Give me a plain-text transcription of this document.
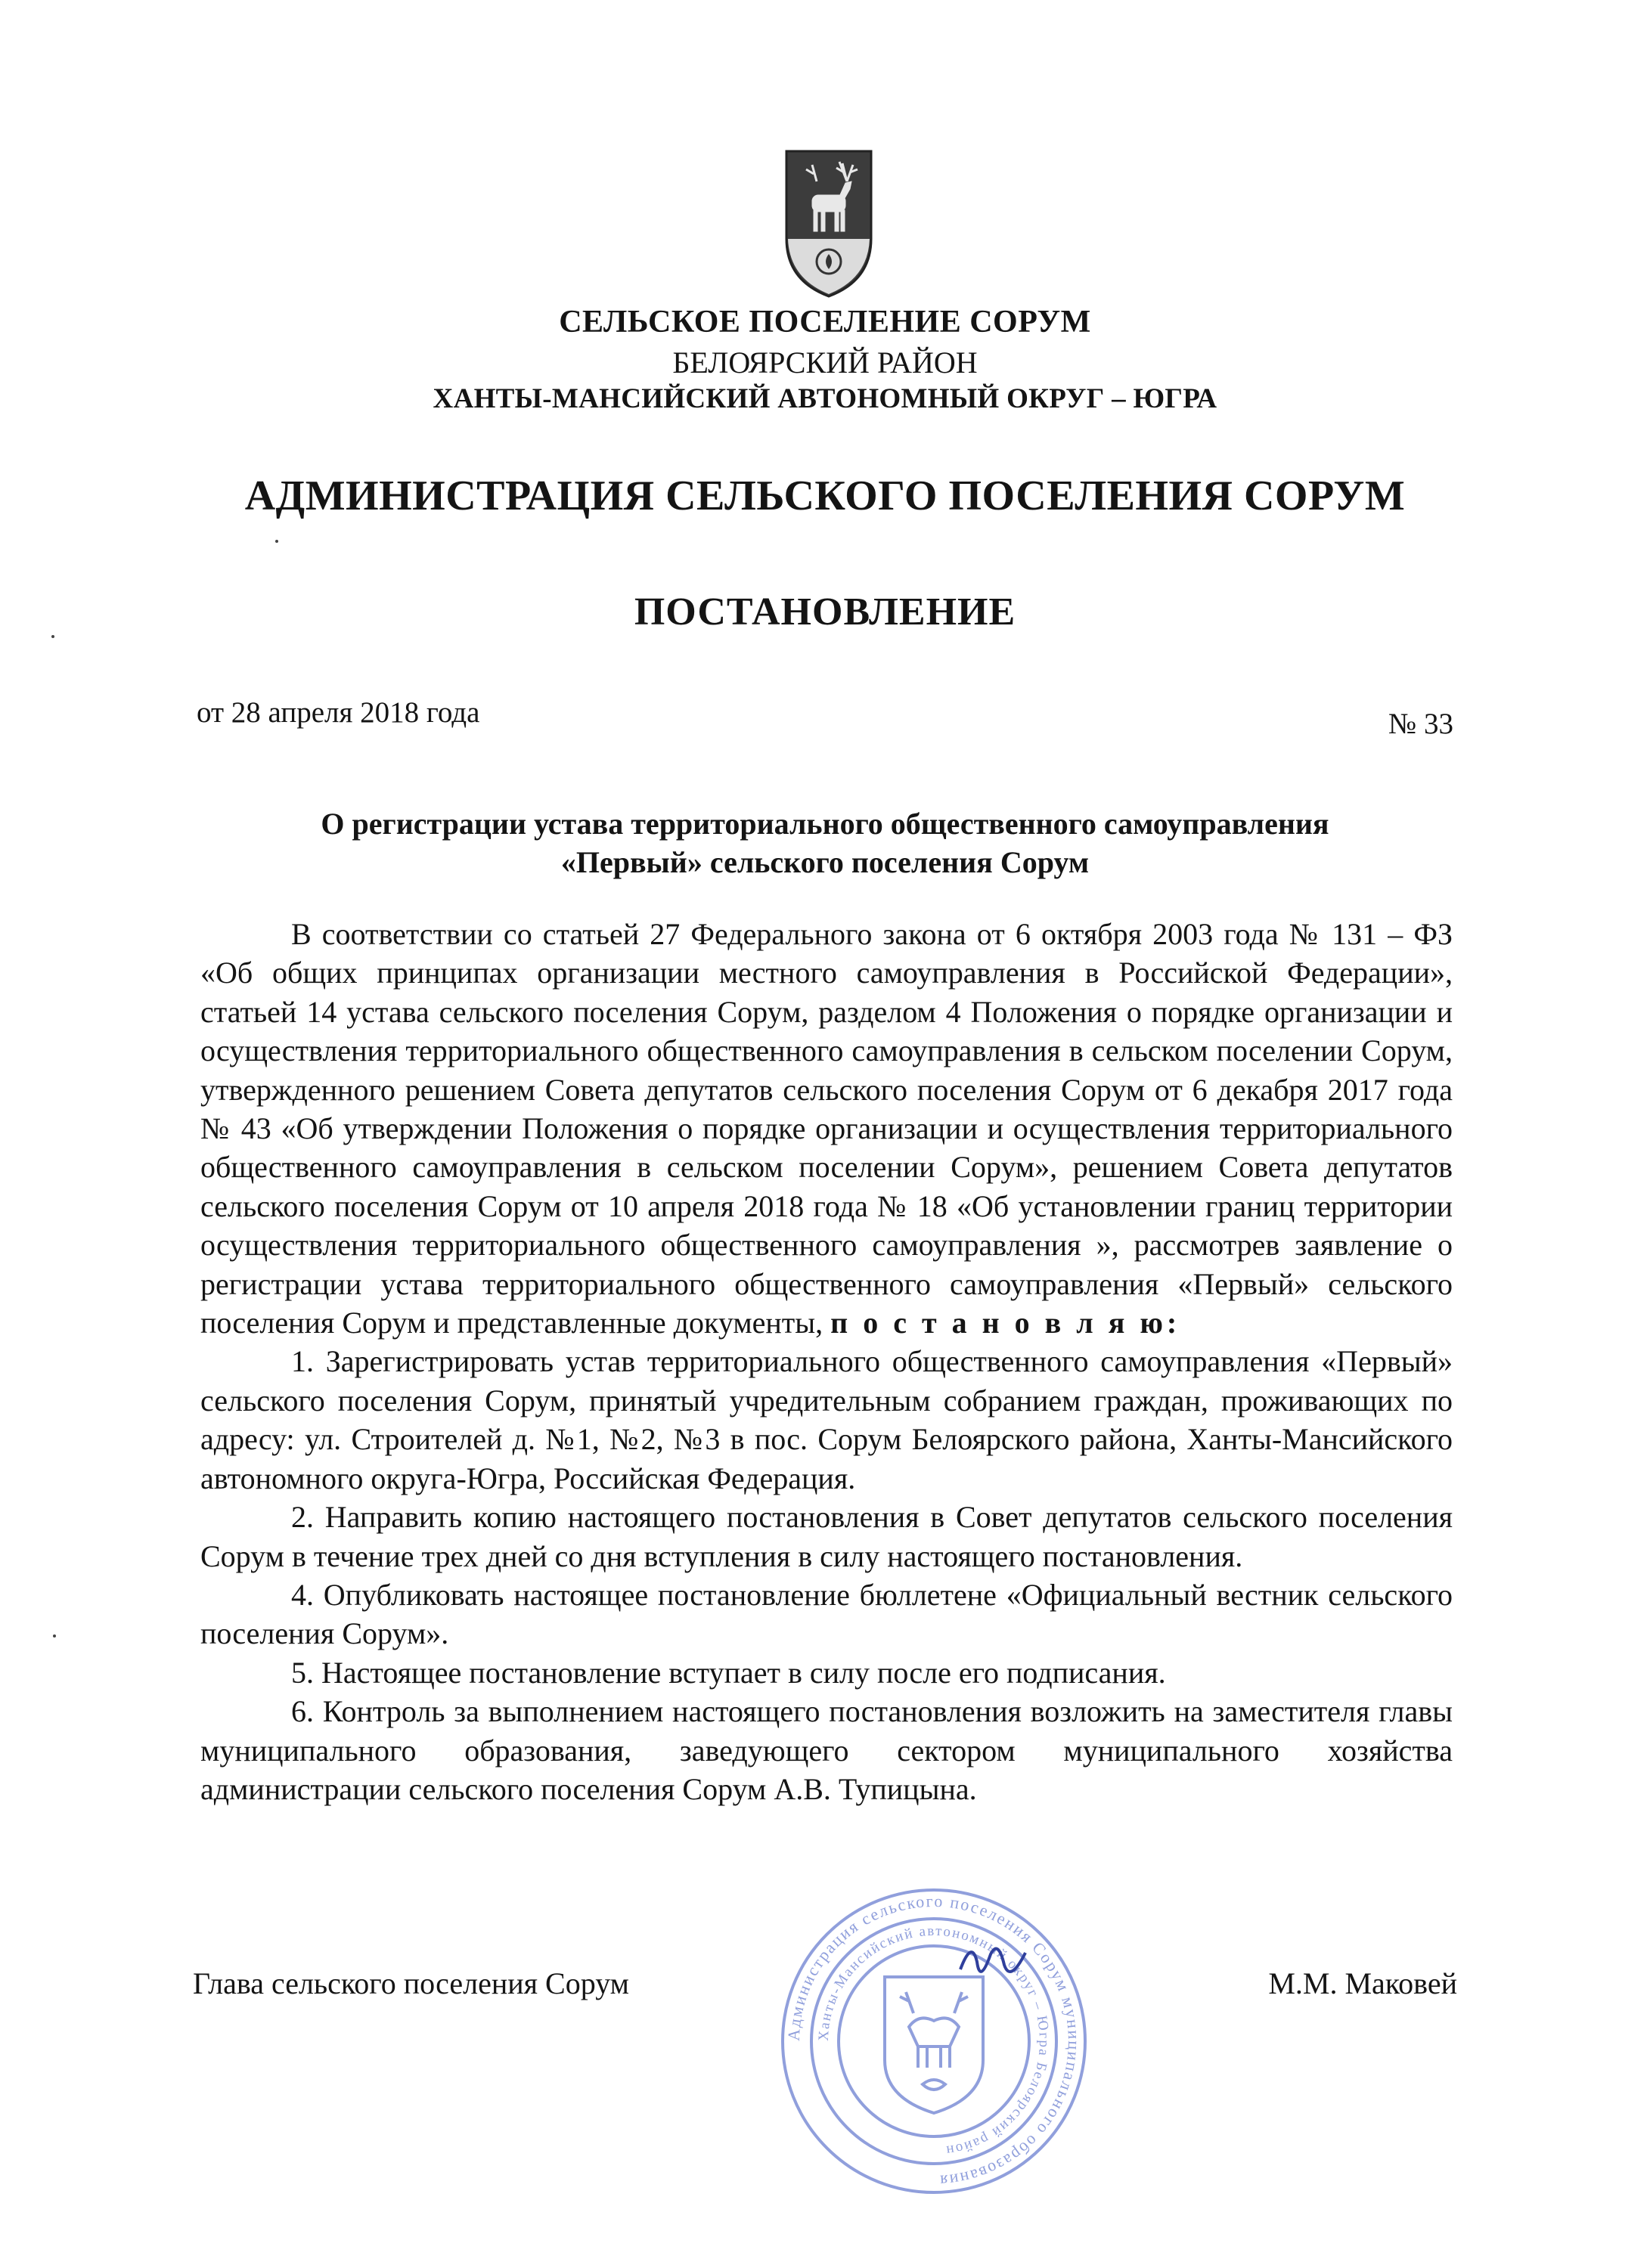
СЕЛЬСКОЕ ПОСЕЛЕНИЕ СОРУМ
БЕЛОЯРСКИЙ РАЙОН
ХАНТЫ-МАНСИЙСКИЙ АВТОНОМНЫЙ ОКРУГ – ЮГРА
АДМИНИСТРАЦИЯ СЕЛЬСКОГО ПОСЕЛЕНИЯ СОРУМ
ПОСТАНОВЛЕНИЕ
от 28 апреля 2018 года	№ 33
О регистрации устава территориального общественного самоуправления
«Первый» сельского поселения Сорум

В соответствии со статьей 27 Федерального закона от 6 октября 2003 года № 131 – ФЗ «Об общих принципах организации местного самоуправления в Российской Федерации», статьей 14 устава сельского поселения Сорум, разделом 4 Положения о порядке организации и осуществления территориального общественного самоуправления в сельском поселении Сорум, утвержденного решением Совета депутатов сельского поселения Сорум от 6 декабря 2017 года № 43 «Об утверждении Положения о порядке организации и осуществления территориального общественного самоуправления в сельском поселении Сорум», решением Совета депутатов сельского поселения Сорум от 10 апреля 2018 года № 18 «Об установлении границ территории осуществления территориального общественного самоуправления », рассмотрев заявление о регистрации устава территориального общественного самоуправления «Первый» сельского поселения Сорум и представленные документы, п о с т а н о в л я ю:

1. Зарегистрировать устав территориального общественного самоуправления «Первый» сельского поселения Сорум, принятый учредительным собранием граждан, проживающих по адресу: ул. Строителей д. №1, №2, №3 в пос. Сорум Белоярского района, Ханты-Мансийского автономного округа-Югра, Российская Федерация.

2. Направить копию настоящего постановления в Совет депутатов сельского поселения Сорум в течение трех дней со дня вступления в силу настоящего постановления.

4. Опубликовать настоящее постановление бюллетене «Официальный вестник сельского поселения Сорум».

5. Настоящее постановление вступает в силу после его подписания.

6. Контроль за выполнением настоящего постановления возложить на заместителя главы муниципального образования, заведующего сектором муниципального хозяйства администрации сельского поселения Сорум А.В. Тупицына.

Глава сельского поселения Сорум	М.М. Маковей
Администрация сельского поселения Сорум муниципального образования
Ханты-Мансийский автономный округ – Югра Белоярский район
